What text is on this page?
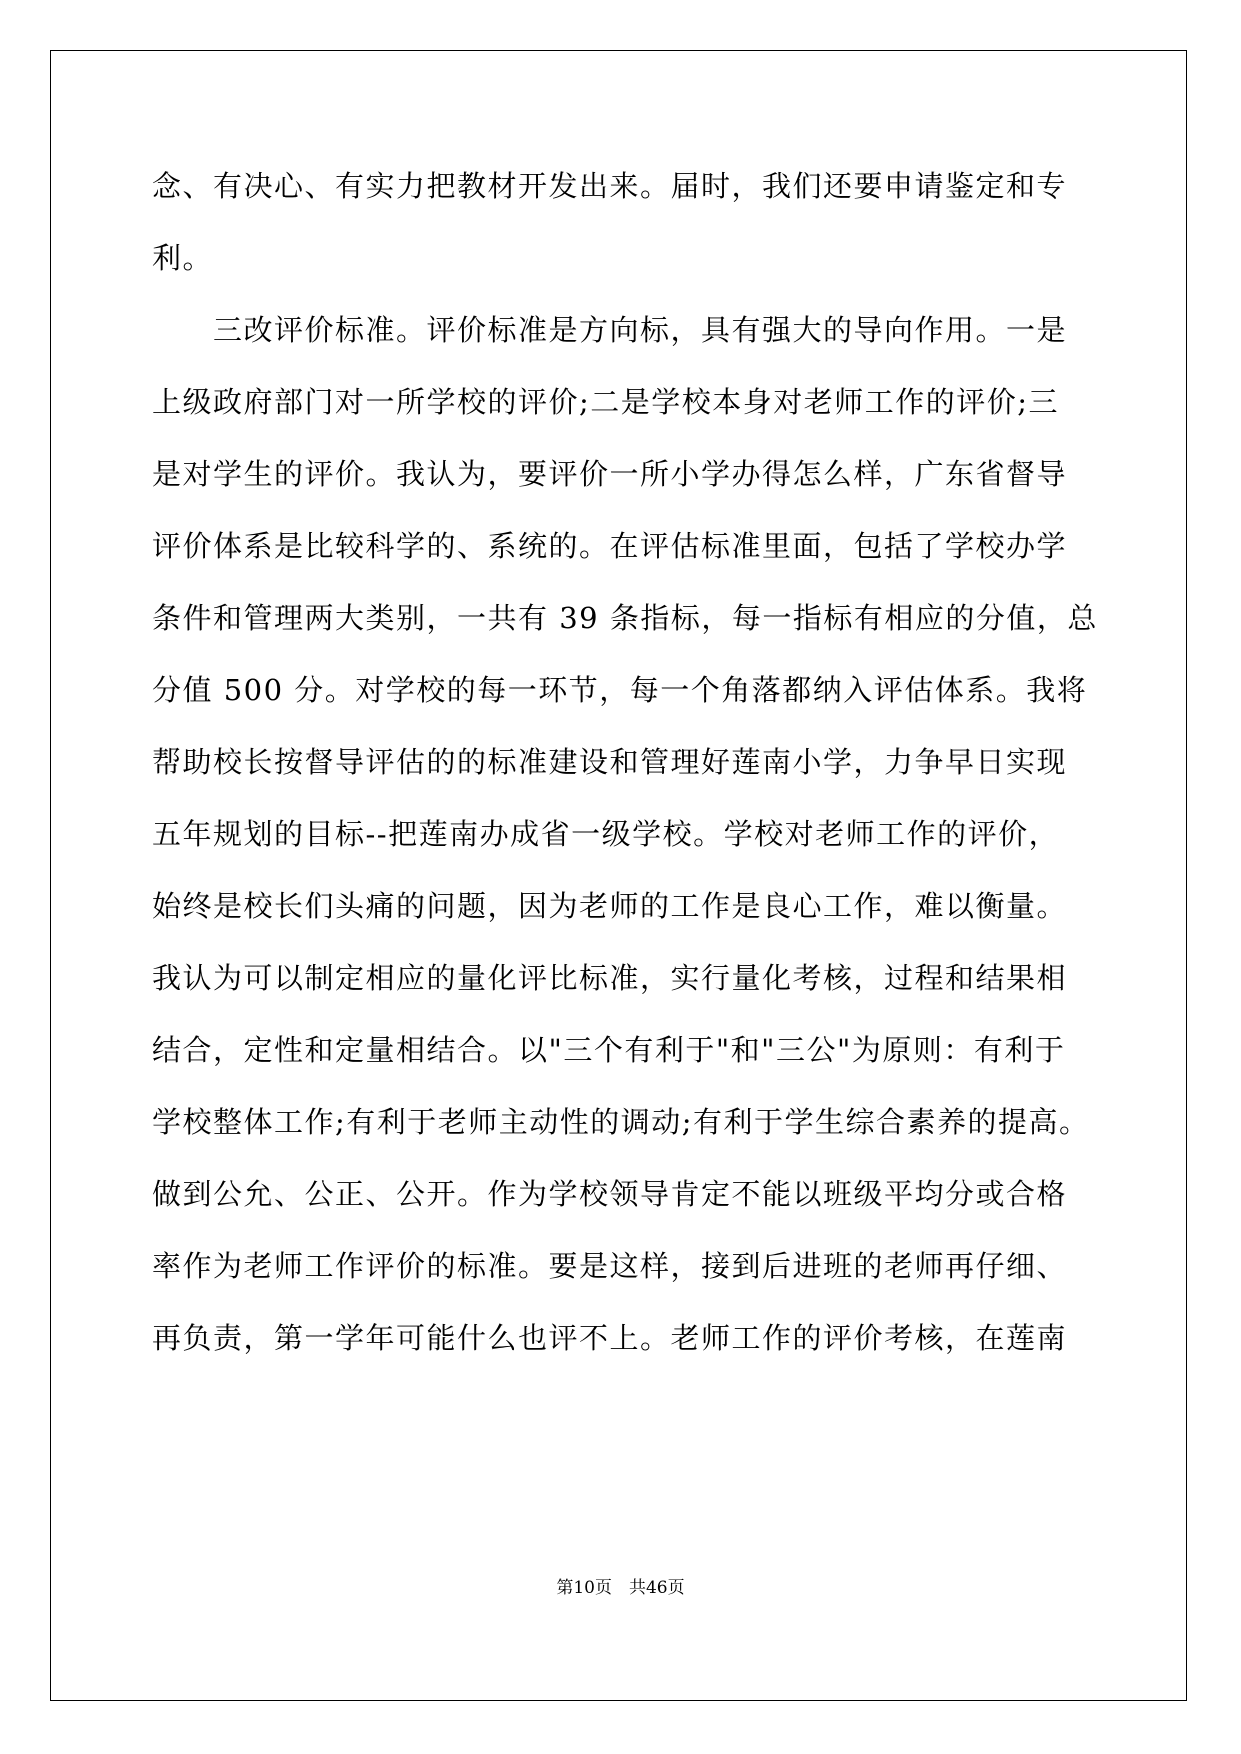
念、有决心、有实力把教材开发出来。届时，我们还要申请鉴定和专
利。
　　三改评价标准。评价标准是方向标，具有强大的导向作用。一是
上级政府部门对一所学校的评价;二是学校本身对老师工作的评价;三
是对学生的评价。我认为，要评价一所小学办得怎么样，广东省督导
评价体系是比较科学的、系统的。在评估标准里面，包括了学校办学
条件和管理两大类别，一共有 39 条指标，每一指标有相应的分值，总
分值 500 分。对学校的每一环节，每一个角落都纳入评估体系。我将
帮助校长按督导评估的的标准建设和管理好莲南小学，力争早日实现
五年规划的目标--把莲南办成省一级学校。学校对老师工作的评价，
始终是校长们头痛的问题，因为老师的工作是良心工作，难以衡量。
我认为可以制定相应的量化评比标准，实行量化考核，过程和结果相
结合，定性和定量相结合。以"三个有利于"和"三公"为原则：有利于
学校整体工作;有利于老师主动性的调动;有利于学生综合素养的提高。
做到公允、公正、公开。作为学校领导肯定不能以班级平均分或合格
率作为老师工作评价的标准。要是这样，接到后进班的老师再仔细、
再负责，第一学年可能什么也评不上。老师工作的评价考核，在莲南
第10页　共46页
